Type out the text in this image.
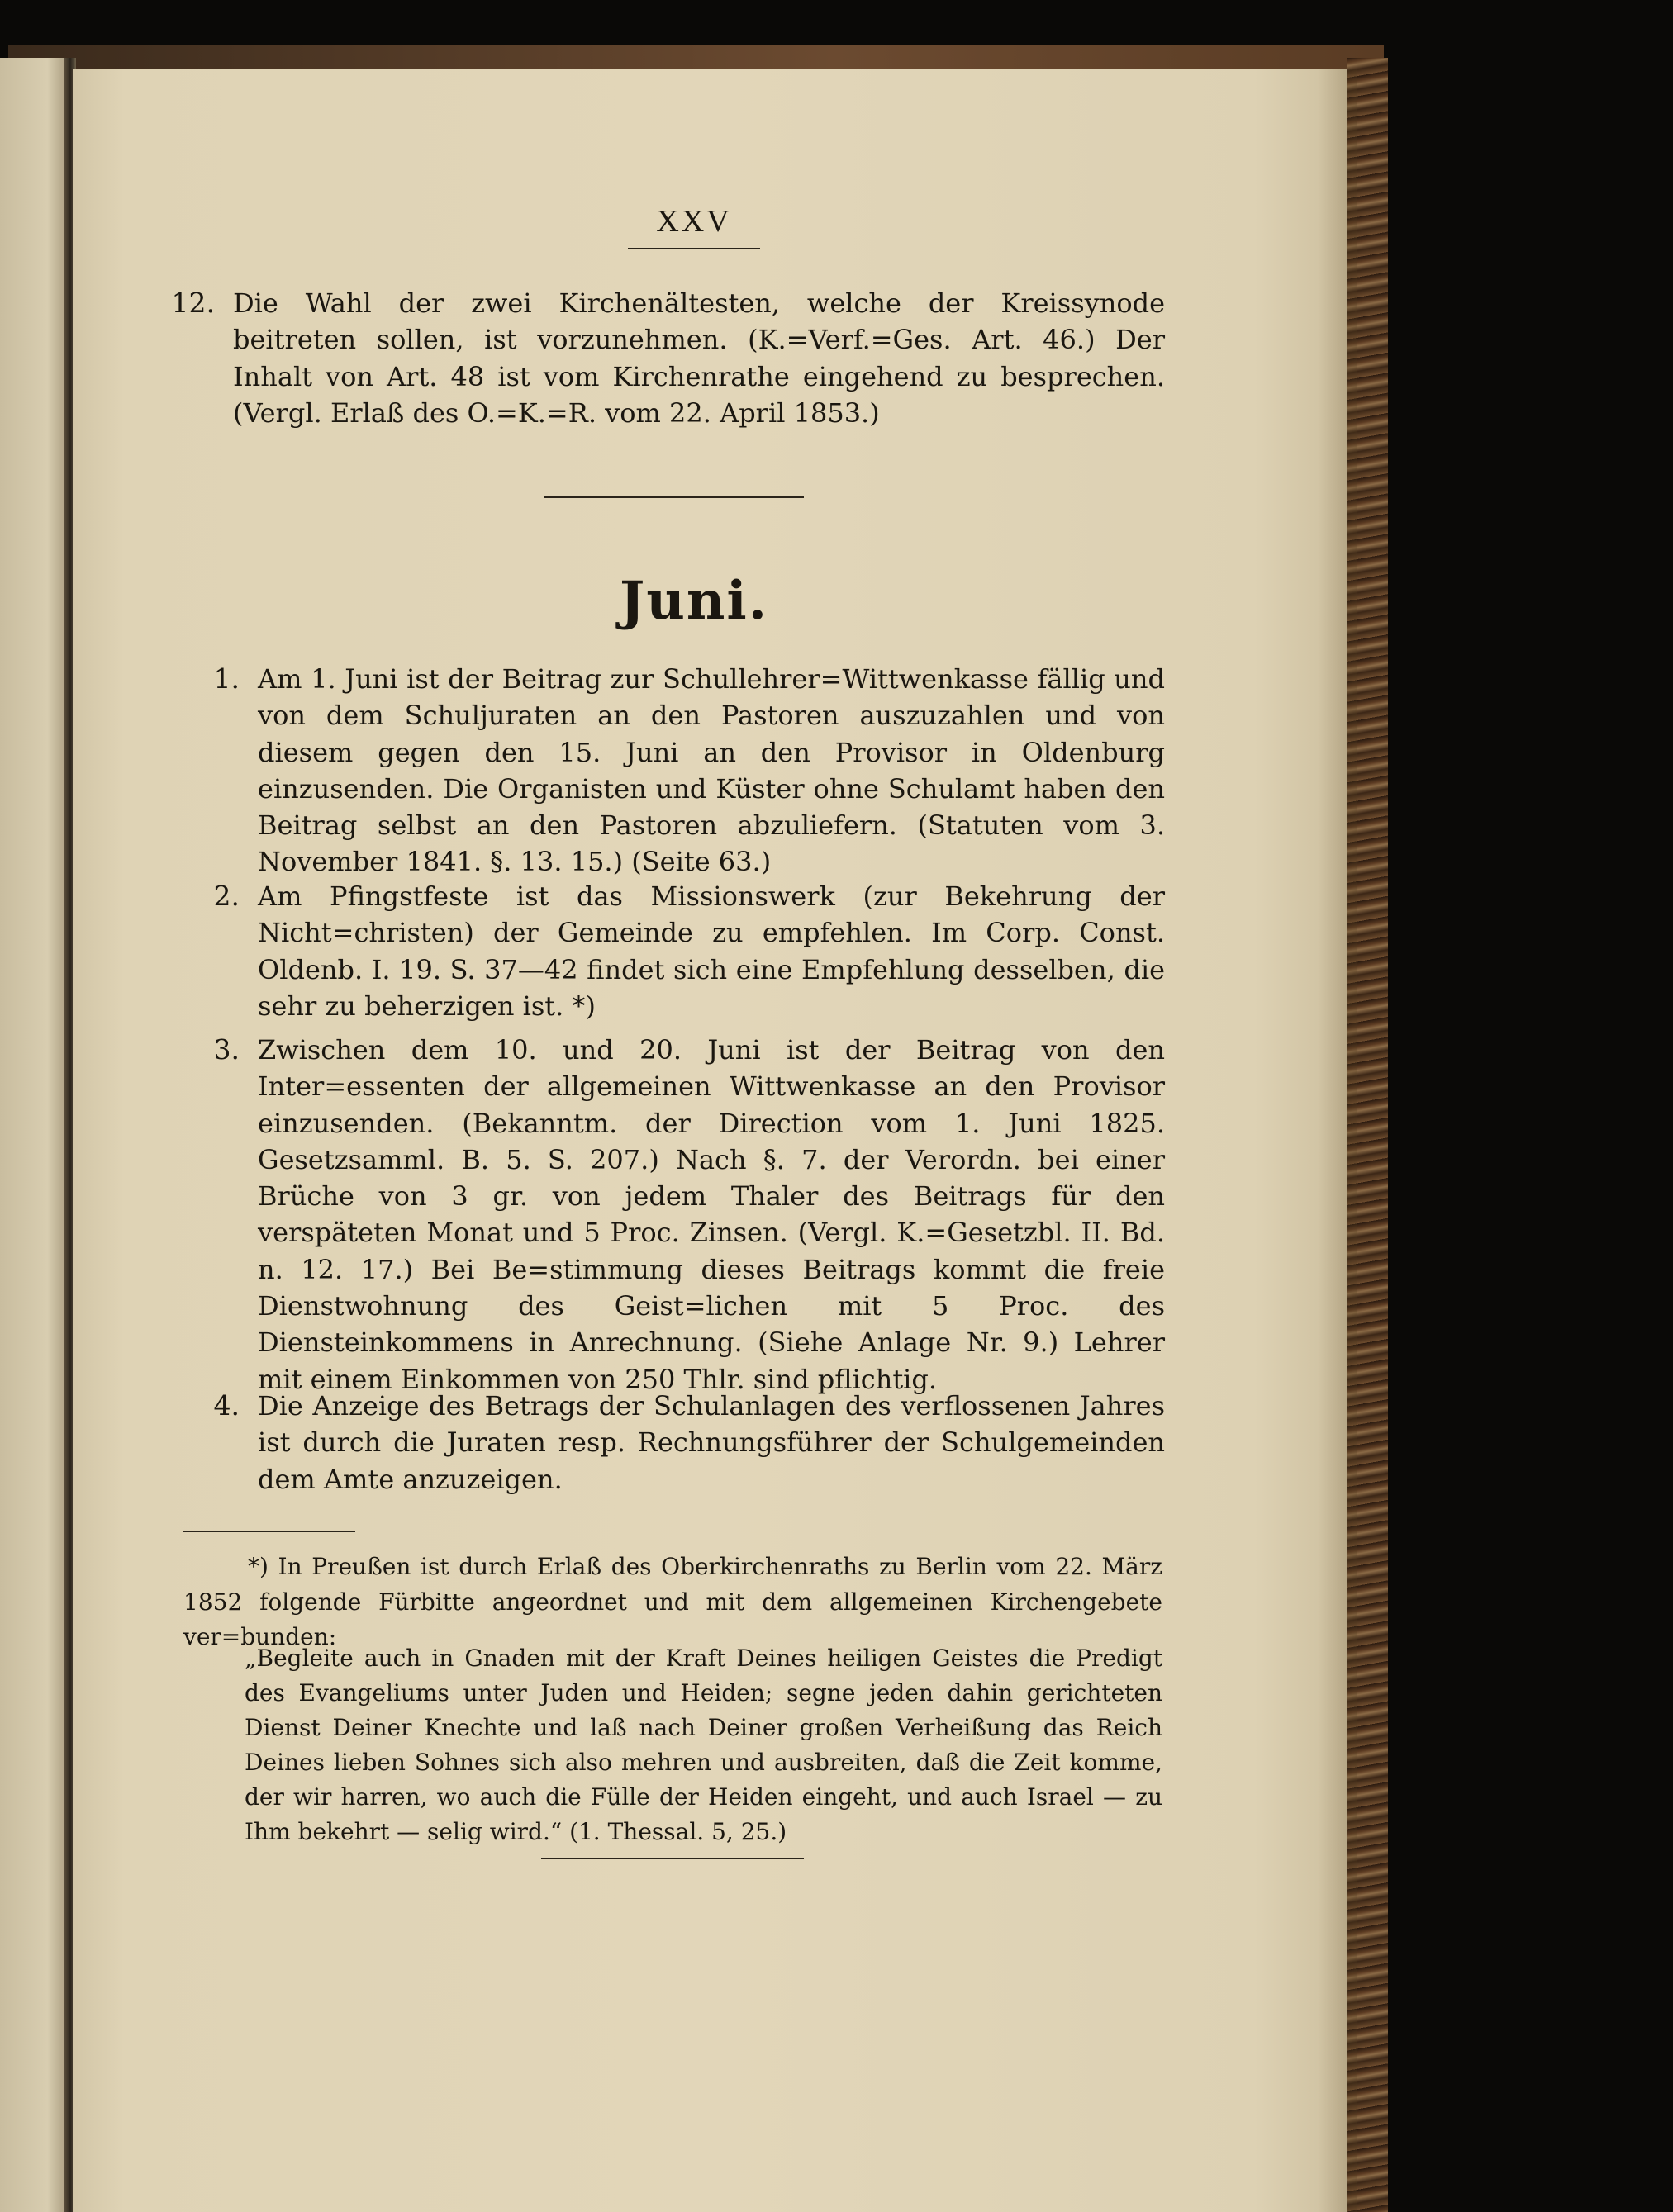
XXV
12. Die Wahl der zwei Kirchenältesten, welche der Kreissynode beitreten sollen, ist vorzunehmen. (K.=Verf.=Ges. Art. 46.) Der Inhalt von Art. 48 ist vom Kirchenrathe eingehend zu besprechen. (Vergl. Erlaß des O.=K.=R. vom 22. April 1853.)
Juni.
1. Am 1. Juni ist der Beitrag zur Schullehrer=Wittwenkasse fällig und von dem Schuljuraten an den Pastoren auszuzahlen und von diesem gegen den 15. Juni an den Provisor in Oldenburg einzusenden. Die Organisten und Küster ohne Schulamt haben den Beitrag selbst an den Pastoren abzuliefern. (Statuten vom 3. November 1841. §. 13. 15.) (Seite 63.)
2. Am Pfingstfeste ist das Missionswerk (zur Bekehrung der Nicht=christen) der Gemeinde zu empfehlen. Im Corp. Const. Oldenb. I. 19. S. 37—42 findet sich eine Empfehlung desselben, die sehr zu beherzigen ist. *)
3. Zwischen dem 10. und 20. Juni ist der Beitrag von den Inter=essenten der allgemeinen Wittwenkasse an den Provisor einzusenden. (Bekanntm. der Direction vom 1. Juni 1825. Gesetzsamml. B. 5. S. 207.) Nach §. 7. der Verordn. bei einer Brüche von 3 gr. von jedem Thaler des Beitrags für den verspäteten Monat und 5 Proc. Zinsen. (Vergl. K.=Gesetzbl. II. Bd. n. 12. 17.) Bei Be=stimmung dieses Beitrags kommt die freie Dienstwohnung des Geist=lichen mit 5 Proc. des Diensteinkommens in Anrechnung. (Siehe Anlage Nr. 9.) Lehrer mit einem Einkommen von 250 Thlr. sind pflichtig.
4. Die Anzeige des Betrags der Schulanlagen des verflossenen Jahres ist durch die Juraten resp. Rechnungsführer der Schulgemeinden dem Amte anzuzeigen.
*) In Preußen ist durch Erlaß des Oberkirchenraths zu Berlin vom 22. März 1852 folgende Fürbitte angeordnet und mit dem allgemeinen Kirchengebete ver=bunden:
„Begleite auch in Gnaden mit der Kraft Deines heiligen Geistes die Predigt des Evangeliums unter Juden und Heiden; segne jeden dahin gerichteten Dienst Deiner Knechte und laß nach Deiner großen Verheißung das Reich Deines lieben Sohnes sich also mehren und ausbreiten, daß die Zeit komme, der wir harren, wo auch die Fülle der Heiden eingeht, und auch Israel — zu Ihm bekehrt — selig wird.“ (1. Thessal. 5, 25.)
